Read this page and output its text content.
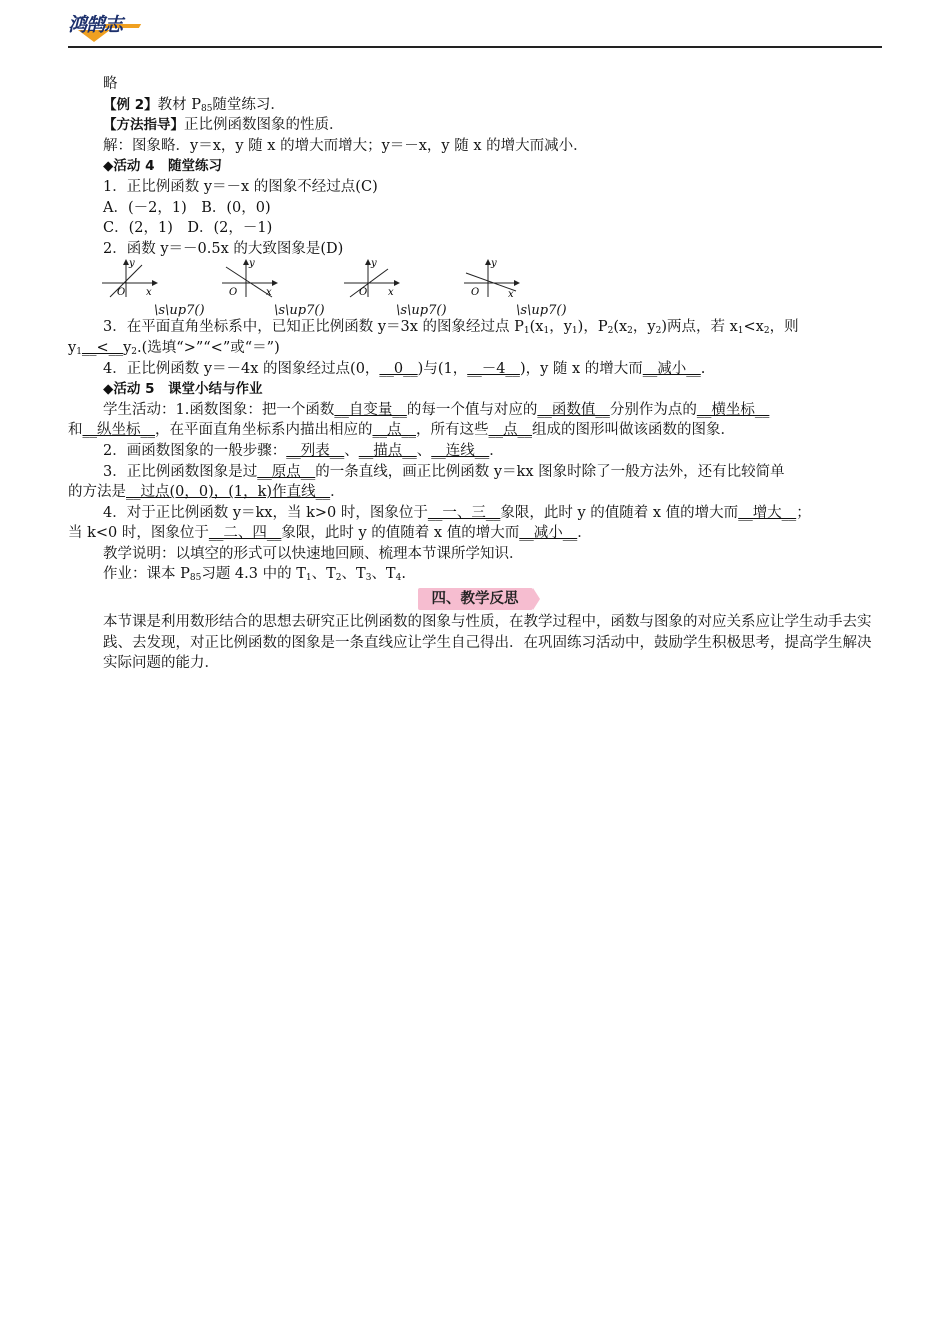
鸿鹄志
略
【例 2】教材 $P_{85}$随堂练习．
【方法指导】正比例函数图象的性质．
解：图象略．y＝x，y 随 x 的增大而增大；y＝－x，y 随 x 的增大而减小．
◆活动 4　随堂练习
1．正比例函数 y＝－x 的图象不经过点(C)
A．(－2，1)　B．(0，0)
C．(2，1)　D．(2，－1)
2．函数 y＝－0.5x 的大致图象是(D)
y
x
O
\s\up7()
y
x
O
\s\up7()
y
x
O
\s\up7()
y
x
O
\s\up7()
3．在平面直角坐标系中，已知正比例函数 y＝3x 的图象经过点 $P_1(x_1$，$y_1$)，$P_2(x_2$，$y_2$)两点，若 $x_1<x_2$，则
$y_1\_\_<\_\_y_2$.(选填“>”“<”或“＝”)
4．正比例函数 y＝－4x 的图象经过点(0，__0__)与(1，__－4__)，y 随 x 的增大而__减小__.
◆活动 5　课堂小结与作业
学生活动：1.函数图象：把一个函数__自变量__的每一个值与对应的__函数值__分别作为点的__横坐标__
和__纵坐标__，在平面直角坐标系内描出相应的__点__，所有这些__点__组成的图形叫做该函数的图象．
2．画函数图象的一般步骤：__列表__、__描点__、__连线__．
3．正比例函数图象是过__原点__的一条直线，画正比例函数 y＝kx 图象时除了一般方法外，还有比较简单
的方法是__过点(0，0)，(1，k)作直线__．
4．对于正比例函数 y＝kx，当 k>0 时，图象位于__一、三__象限，此时 y 的值随着 x 值的增大而__增大__；
当 k<0 时，图象位于__二、四__象限，此时 y 的值随着 x 值的增大而__减小__．
教学说明：以填空的形式可以快速地回顾、梳理本节课所学知识．
作业：课本 $P_{85}$习题 4.3 中的 $T_1$、$T_2$、$T_3$、$T_4$.
四、教学反思
本节课是利用数形结合的思想去研究正比例函数的图象与性质，在教学过程中，函数与图象的对应关系应让学生动手去实践、去发现，对正比例函数的图象是一条直线应让学生自己得出．在巩固练习活动中，鼓励学生积极思考，提高学生解决实际问题的能力．
